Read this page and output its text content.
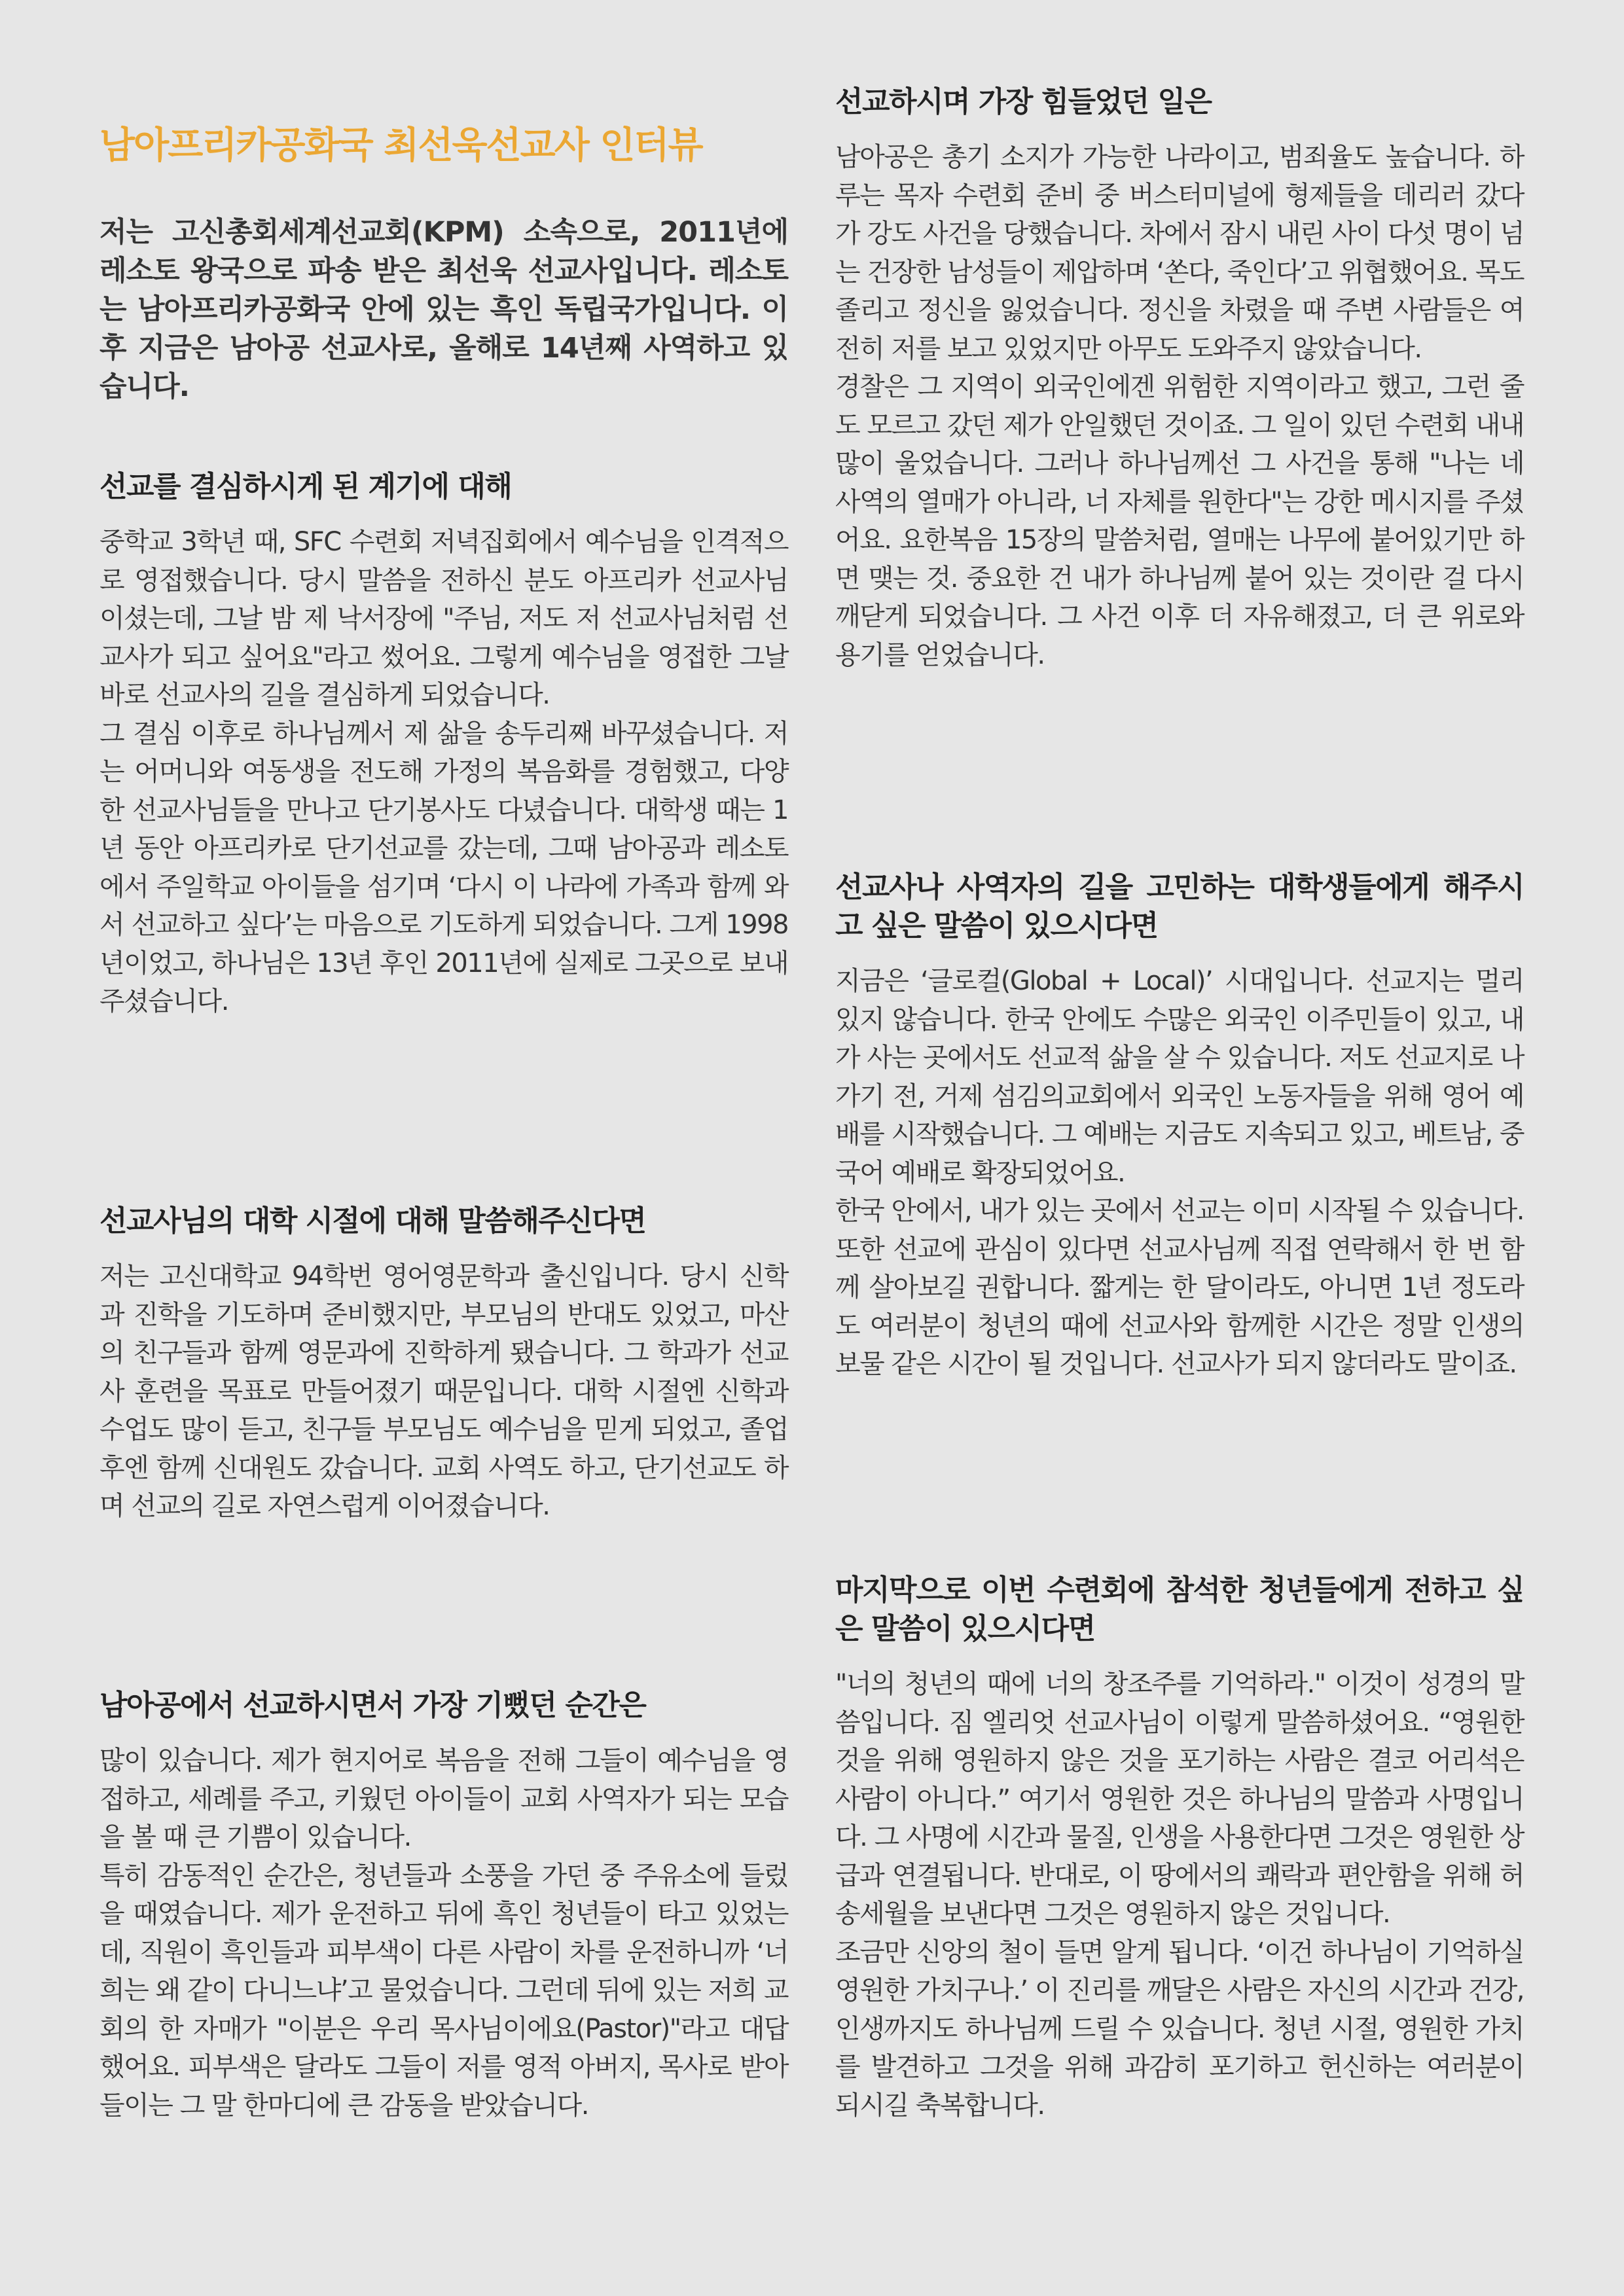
남아프리카공화국 최선욱선교사 인터뷰

저는 고신총회세계선교회(KPM) 소속으로, 2011년에 레소토 왕국으로 파송 받은 최선욱 선교사입니다. 레소토는 남아프리카공화국 안에 있는 흑인 독립국가입니다. 이후 지금은 남아공 선교사로, 올해로 14년째 사역하고 있습니다.

선교를 결심하시게 된 계기에 대해

중학교 3학년 때, SFC 수련회 저녁집회에서 예수님을 인격적으로 영접했습니다. 당시 말씀을 전하신 분도 아프리카 선교사님이셨는데, 그날 밤 제 낙서장에 "주님, 저도 저 선교사님처럼 선교사가 되고 싶어요"라고 썼어요. 그렇게 예수님을 영접한 그날 바로 선교사의 길을 결심하게 되었습니다.

그 결심 이후로 하나님께서 제 삶을 송두리째 바꾸셨습니다. 저는 어머니와 여동생을 전도해 가정의 복음화를 경험했고, 다양한 선교사님들을 만나고 단기봉사도 다녔습니다. 대학생 때는 1년 동안 아프리카로 단기선교를 갔는데, 그때 남아공과 레소토에서 주일학교 아이들을 섬기며 ‘다시 이 나라에 가족과 함께 와서 선교하고 싶다’는 마음으로 기도하게 되었습니다. 그게 1998년이었고, 하나님은 13년 후인 2011년에 실제로 그곳으로 보내주셨습니다.

선교사님의 대학 시절에 대해 말씀해주신다면

저는 고신대학교 94학번 영어영문학과 출신입니다. 당시 신학과 진학을 기도하며 준비했지만, 부모님의 반대도 있었고, 마산의 친구들과 함께 영문과에 진학하게 됐습니다. 그 학과가 선교사 훈련을 목표로 만들어졌기 때문입니다. 대학 시절엔 신학과 수업도 많이 듣고, 친구들 부모님도 예수님을 믿게 되었고, 졸업 후엔 함께 신대원도 갔습니다. 교회 사역도 하고, 단기선교도 하며 선교의 길로 자연스럽게 이어졌습니다.

남아공에서 선교하시면서 가장 기뻤던 순간은

많이 있습니다. 제가 현지어로 복음을 전해 그들이 예수님을 영접하고, 세례를 주고, 키웠던 아이들이 교회 사역자가 되는 모습을 볼 때 큰 기쁨이 있습니다.

특히 감동적인 순간은, 청년들과 소풍을 가던 중 주유소에 들렀을 때였습니다. 제가 운전하고 뒤에 흑인 청년들이 타고 있었는데, 직원이 흑인들과 피부색이 다른 사람이 차를 운전하니까 ‘너희는 왜 같이 다니느냐’고 물었습니다. 그런데 뒤에 있는 저희 교회의 한 자매가 "이분은 우리 목사님이에요(Pastor)"라고 대답했어요. 피부색은 달라도 그들이 저를 영적 아버지, 목사로 받아들이는 그 말 한마디에 큰 감동을 받았습니다.

선교하시며 가장 힘들었던 일은

남아공은 총기 소지가 가능한 나라이고, 범죄율도 높습니다. 하루는 목자 수련회 준비 중 버스터미널에 형제들을 데리러 갔다가 강도 사건을 당했습니다. 차에서 잠시 내린 사이 다섯 명이 넘는 건장한 남성들이 제압하며 ‘쏜다, 죽인다’고 위협했어요. 목도 졸리고 정신을 잃었습니다. 정신을 차렸을 때 주변 사람들은 여전히 저를 보고 있었지만 아무도 도와주지 않았습니다.

경찰은 그 지역이 외국인에겐 위험한 지역이라고 했고, 그런 줄도 모르고 갔던 제가 안일했던 것이죠. 그 일이 있던 수련회 내내 많이 울었습니다. 그러나 하나님께선 그 사건을 통해 "나는 네 사역의 열매가 아니라, 너 자체를 원한다"는 강한 메시지를 주셨어요. 요한복음 15장의 말씀처럼, 열매는 나무에 붙어있기만 하면 맺는 것. 중요한 건 내가 하나님께 붙어 있는 것이란 걸 다시 깨닫게 되었습니다. 그 사건 이후 더 자유해졌고, 더 큰 위로와 용기를 얻었습니다.

선교사나 사역자의 길을 고민하는 대학생들에게 해주시고 싶은 말씀이 있으시다면

지금은 ‘글로컬(Global + Local)’ 시대입니다. 선교지는 멀리 있지 않습니다. 한국 안에도 수많은 외국인 이주민들이 있고, 내가 사는 곳에서도 선교적 삶을 살 수 있습니다. 저도 선교지로 나가기 전, 거제 섬김의교회에서 외국인 노동자들을 위해 영어 예배를 시작했습니다. 그 예배는 지금도 지속되고 있고, 베트남, 중국어 예배로 확장되었어요.

한국 안에서, 내가 있는 곳에서 선교는 이미 시작될 수 있습니다. 또한 선교에 관심이 있다면 선교사님께 직접 연락해서 한 번 함께 살아보길 권합니다. 짧게는 한 달이라도, 아니면 1년 정도라도 여러분이 청년의 때에 선교사와 함께한 시간은 정말 인생의 보물 같은 시간이 될 것입니다. 선교사가 되지 않더라도 말이죠.

마지막으로 이번 수련회에 참석한 청년들에게 전하고 싶은 말씀이 있으시다면

"너의 청년의 때에 너의 창조주를 기억하라." 이것이 성경의 말씀입니다. 짐 엘리엇 선교사님이 이렇게 말씀하셨어요. “영원한 것을 위해 영원하지 않은 것을 포기하는 사람은 결코 어리석은 사람이 아니다.” 여기서 영원한 것은 하나님의 말씀과 사명입니다. 그 사명에 시간과 물질, 인생을 사용한다면 그것은 영원한 상급과 연결됩니다. 반대로, 이 땅에서의 쾌락과 편안함을 위해 허송세월을 보낸다면 그것은 영원하지 않은 것입니다.

조금만 신앙의 철이 들면 알게 됩니다. ‘이건 하나님이 기억하실 영원한 가치구나.’ 이 진리를 깨달은 사람은 자신의 시간과 건강, 인생까지도 하나님께 드릴 수 있습니다. 청년 시절, 영원한 가치를 발견하고 그것을 위해 과감히 포기하고 헌신하는 여러분이 되시길 축복합니다.
